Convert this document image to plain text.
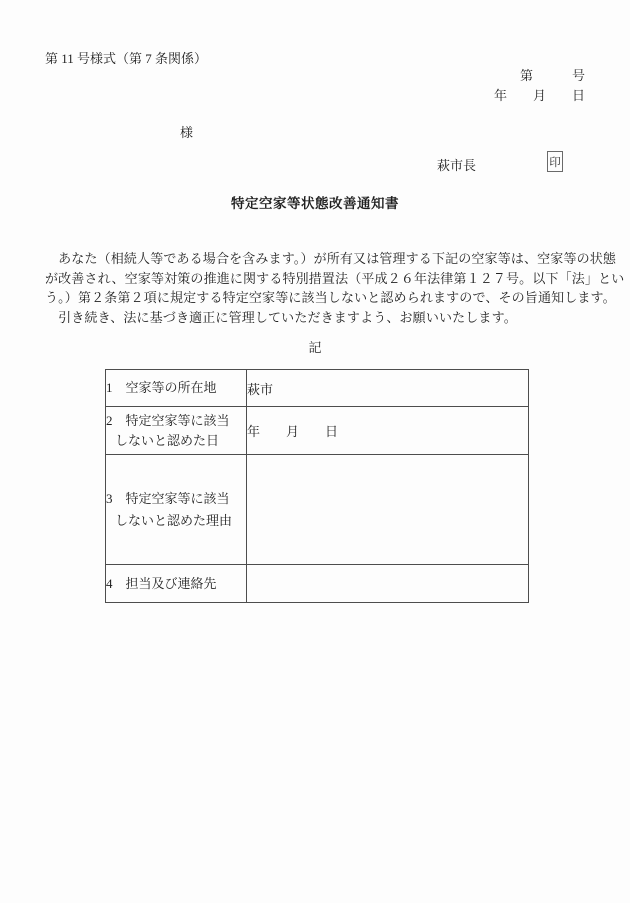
第 11 号様式（第 7 条関係）
第　　　号
年　　月　　日
様
萩市長	印
特定空家等状態改善通知書
　あなた（相続人等である場合を含みます。）が所有又は管理する下記の空家等は、空家等の状態
が改善され、空家等対策の推進に関する特別措置法（平成２６年法律第１２７号。以下「法」とい
う。）第２条第２項に規定する特定空家等に該当しないと認められますので、その旨通知します。
　引き続き、法に基づき適正に管理していただきますよう、お願いいたします。
記
1　空家等の所在地	萩市

2　特定空家等に該当
しないと認めた日	年　　月　　日

3　特定空家等に該当
しないと認めた理由	

4　担当及び連絡先	
